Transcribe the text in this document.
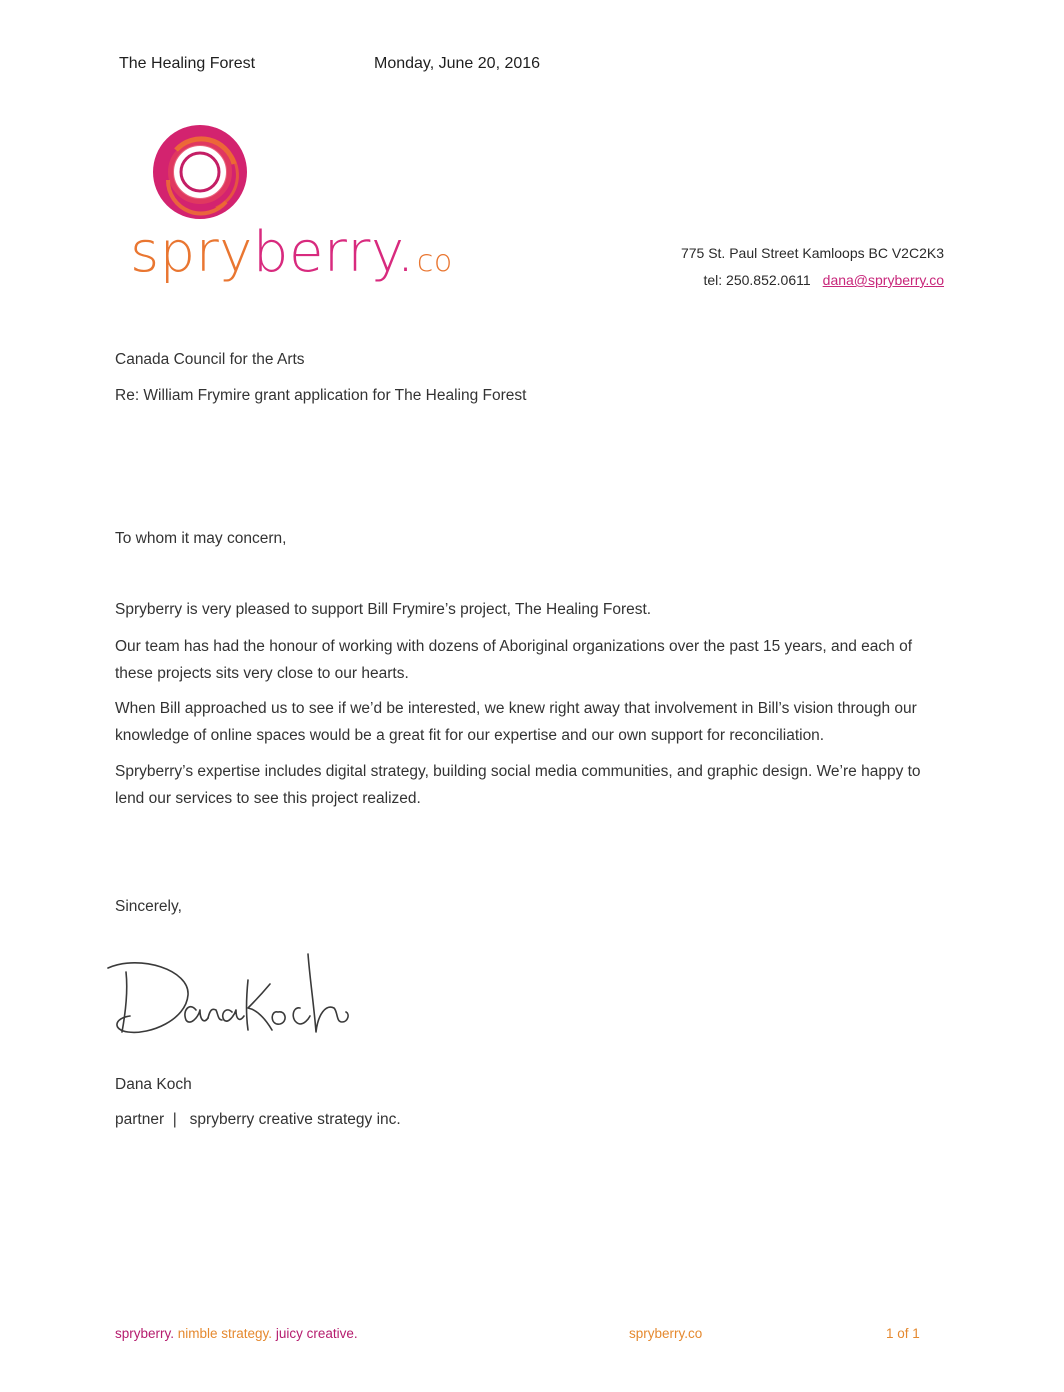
The Healing Forest	Monday, June 20, 2016
spryberry.co	775 St. Paul Street Kamloops BC V2C2K3
tel: 250.852.0611 dana@spryberry.co
Canada Council for the Arts
Re: William Frymire grant application for The Healing Forest
To whom it may concern,
Spryberry is very pleased to support Bill Frymire’s project, The Healing Forest.
Our team has had the honour of working with dozens of Aboriginal organizations over the past 15 years, and each of these projects sits very close to our hearts.
When Bill approached us to see if we’d be interested, we knew right away that involvement in Bill’s vision through our knowledge of online spaces would be a great fit for our expertise and our own support for reconciliation.
Spryberry’s expertise includes digital strategy, building social media communities, and graphic design. We’re happy to lend our services to see this project realized.
Sincerely,
Dana Koch
partner  |   spryberry creative strategy inc.
spryberry. nimble strategy. juicy creative.	spryberry.co	1 of 1
